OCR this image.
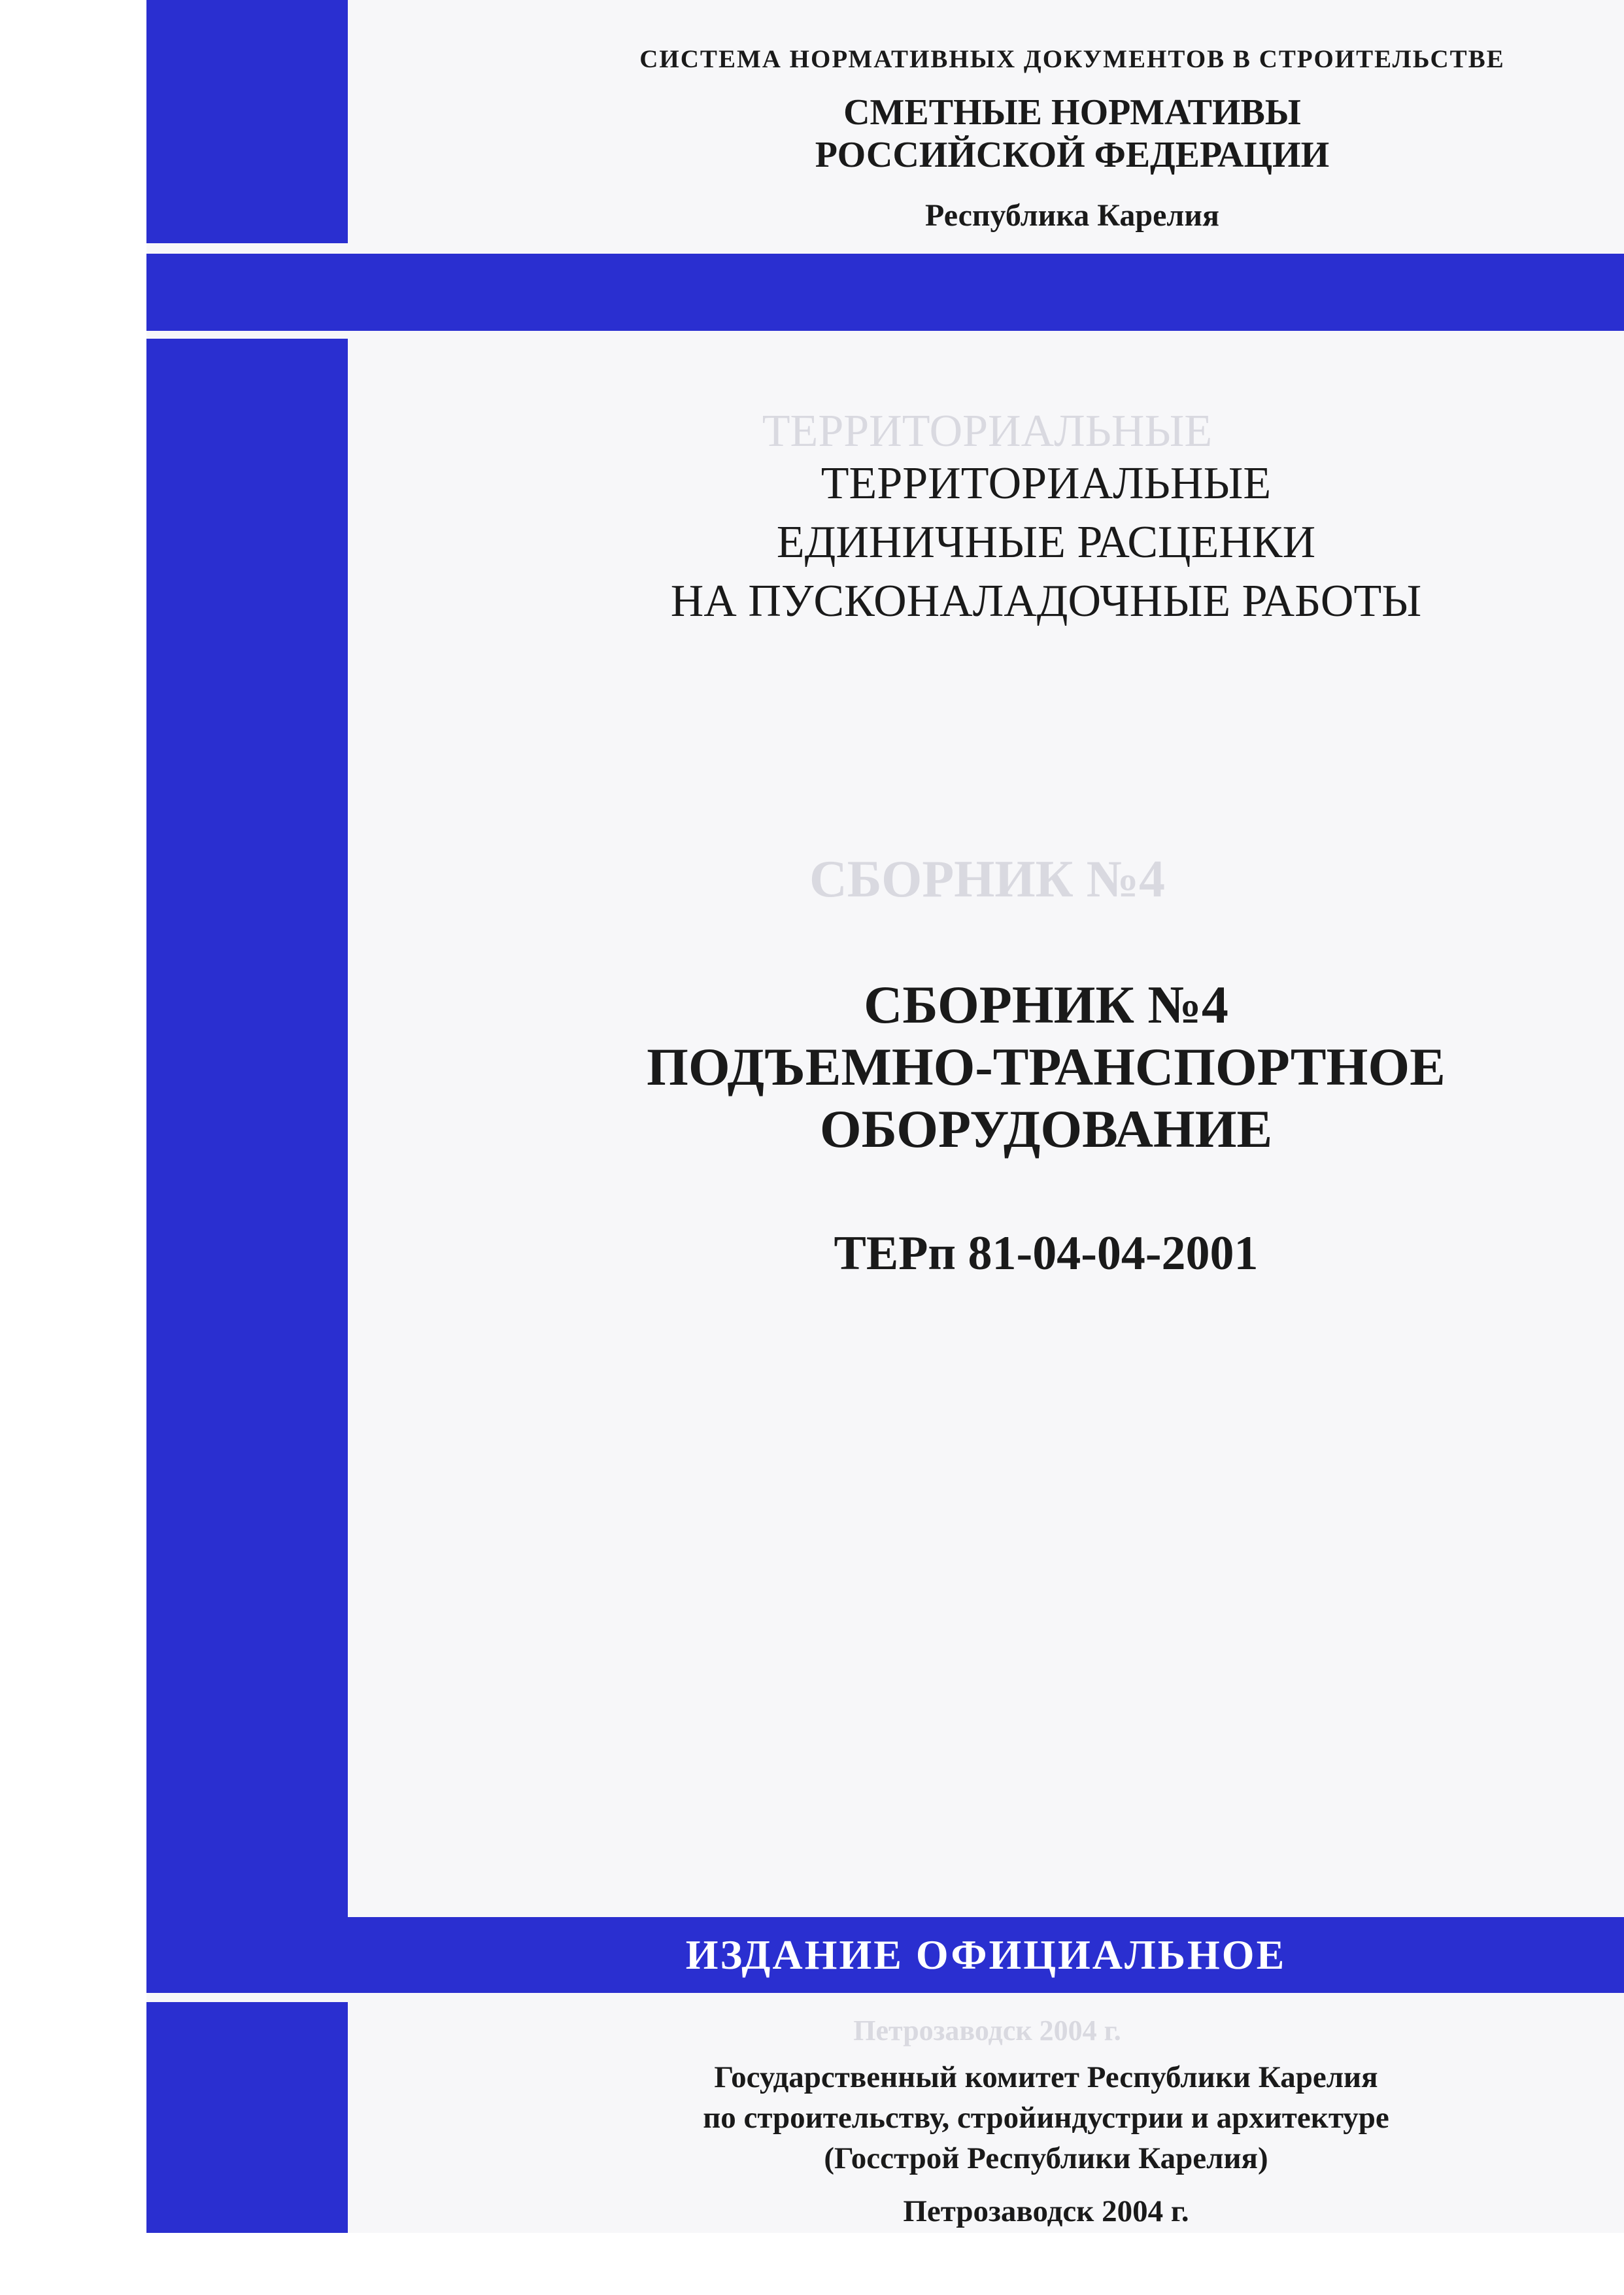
ТЕРРИТОРИАЛЬНЫЕ
СБОРНИК №4
Петрозаводск 2004 г.
СИСТЕМА НОРМАТИВНЫХ ДОКУМЕНТОВ В СТРОИТЕЛЬСТВЕ
СМЕТНЫЕ НОРМАТИВЫ
РОССИЙСКОЙ ФЕДЕРАЦИИ
Республика Карелия
ТЕРРИТОРИАЛЬНЫЕ
ЕДИНИЧНЫЕ РАСЦЕНКИ
НА ПУСКОНАЛАДОЧНЫЕ РАБОТЫ
СБОРНИК №4
ПОДЪЕМНО-ТРАНСПОРТНОЕ
ОБОРУДОВАНИЕ
ТЕРп 81-04-04-2001
ИЗДАНИЕ ОФИЦИАЛЬНОЕ
Государственный комитет Республики Карелия
по строительству, стройиндустрии и архитектуре
(Госстрой Республики Карелия)
Петрозаводск 2004 г.
